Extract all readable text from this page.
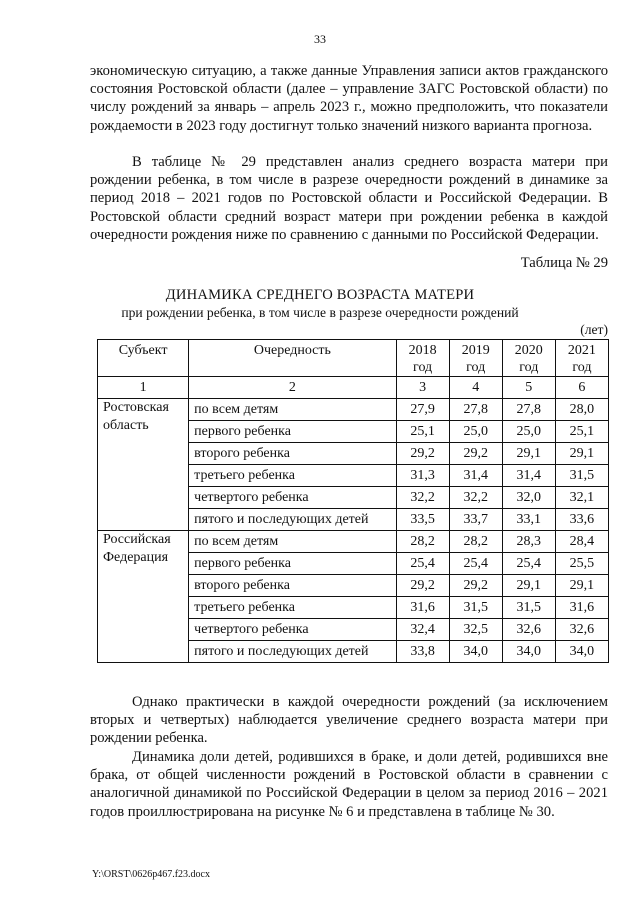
33

экономическую ситуацию, а также данные Управления записи актов гражданского состояния Ростовской области (далее – управление ЗАГС Ростовской области) по числу рождений за январь – апрель 2023 г., можно предположить, что показатели рождаемости в 2023 году достигнут только значений низкого варианта прогноза.

В таблице № 29 представлен анализ среднего возраста матери при рождении ребенка, в том числе в разрезе очередности рождений в динамике за период 2018 – 2021 годов по Ростовской области и Российской Федерации. В Ростовской области средний возраст матери при рождении ребенка в каждой очередности рождения ниже по сравнению с данными по Российской Федерации.

Таблица № 29
ДИНАМИКА СРЕДНЕГО ВОЗРАСТА МАТЕРИ
при рождении ребенка, в том числе в разрезе очередности рождений
(лет)
Субъект	Очередность	2018 год	2019 год	2020 год	2021 год
1	2	3	4	5	6
Ростовская область	по всем детям	27,9	27,8	27,8	28,0
	первого ребенка	25,1	25,0	25,0	25,1
	второго ребенка	29,2	29,2	29,1	29,1
	третьего ребенка	31,3	31,4	31,4	31,5
	четвертого ребенка	32,2	32,2	32,0	32,1
	пятого и последующих детей	33,5	33,7	33,1	33,6
Российская Федерация	по всем детям	28,2	28,2	28,3	28,4
	первого ребенка	25,4	25,4	25,4	25,5
	второго ребенка	29,2	29,2	29,1	29,1
	третьего ребенка	31,6	31,5	31,5	31,6
	четвертого ребенка	32,4	32,5	32,6	32,6
	пятого и последующих детей	33,8	34,0	34,0	34,0

Однако практически в каждой очередности рождений (за исключением вторых и четвертых) наблюдается увеличение среднего возраста матери при рождении ребенка.

Динамика доли детей, родившихся в браке, и доли детей, родившихся вне брака, от общей численности рождений в Ростовской области в сравнении с аналогичной динамикой по Российской Федерации в целом за период 2016 – 2021 годов проиллюстрирована на рисунке № 6 и представлена в таблице № 30.

Y:\ORST\0626p467.f23.docx
